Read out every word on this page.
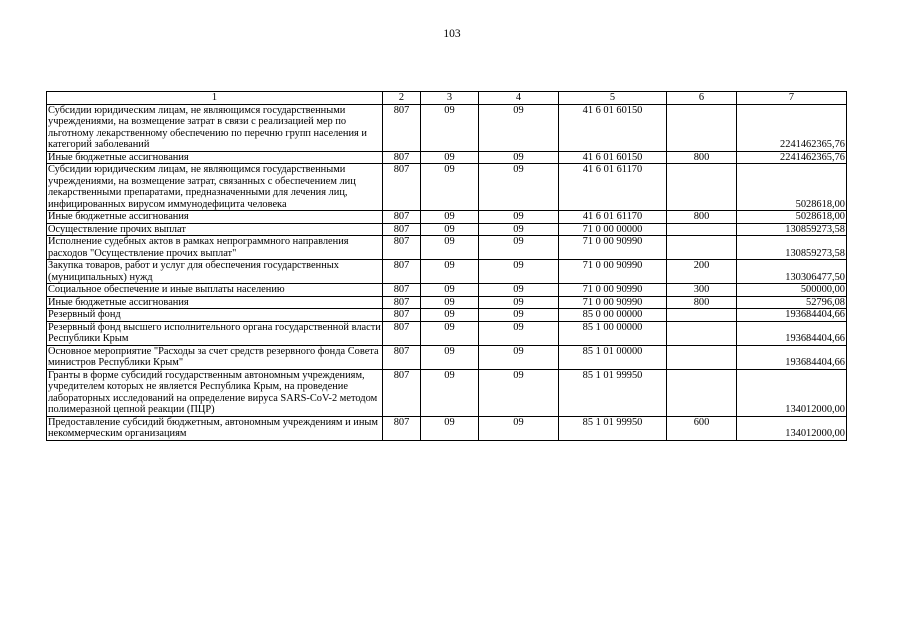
103
1	2	3	4	5	6	7
Субсидии юридическим лицам, не являющимся государственными учреждениями, на возмещение затрат в связи с реализацией мер по льготному лекарственному обеспечению по перечню групп населения и категорий заболеваний	807	09	09	41 6 01 60150		2241462365,76
Иные бюджетные ассигнования	807	09	09	41 6 01 60150	800	2241462365,76
Субсидии юридическим лицам, не являющимся государственными учреждениями, на возмещение затрат, связанных с обеспечением лиц лекарственными препаратами, предназначенными для лечения лиц, инфицированных вирусом иммунодефицита человека	807	09	09	41 6 01 61170		5028618,00
Иные бюджетные ассигнования	807	09	09	41 6 01 61170	800	5028618,00
Осуществление прочих выплат	807	09	09	71 0 00 00000		130859273,58
Исполнение судебных актов в рамках непрограммного направления расходов "Осуществление прочих выплат"	807	09	09	71 0 00 90990		130859273,58
Закупка товаров, работ и услуг для обеспечения государственных (муниципальных) нужд	807	09	09	71 0 00 90990	200	130306477,50
Социальное обеспечение и иные выплаты населению	807	09	09	71 0 00 90990	300	500000,00
Иные бюджетные ассигнования	807	09	09	71 0 00 90990	800	52796,08
Резервный фонд	807	09	09	85 0 00 00000		193684404,66
Резервный фонд высшего исполнительного органа государственной власти Республики Крым	807	09	09	85 1 00 00000		193684404,66
Основное мероприятие "Расходы за счет средств резервного фонда Совета министров Республики Крым"	807	09	09	85 1 01 00000		193684404,66
Гранты в форме субсидий государственным автономным учреждениям, учредителем которых не является Республика Крым, на проведение лабораторных исследований на определение вируса SARS-CoV-2 методом полимеразной цепной реакции (ПЦР)	807	09	09	85 1 01 99950		134012000,00
Предоставление субсидий бюджетным, автономным учреждениям и иным некоммерческим организациям	807	09	09	85 1 01 99950	600	134012000,00
